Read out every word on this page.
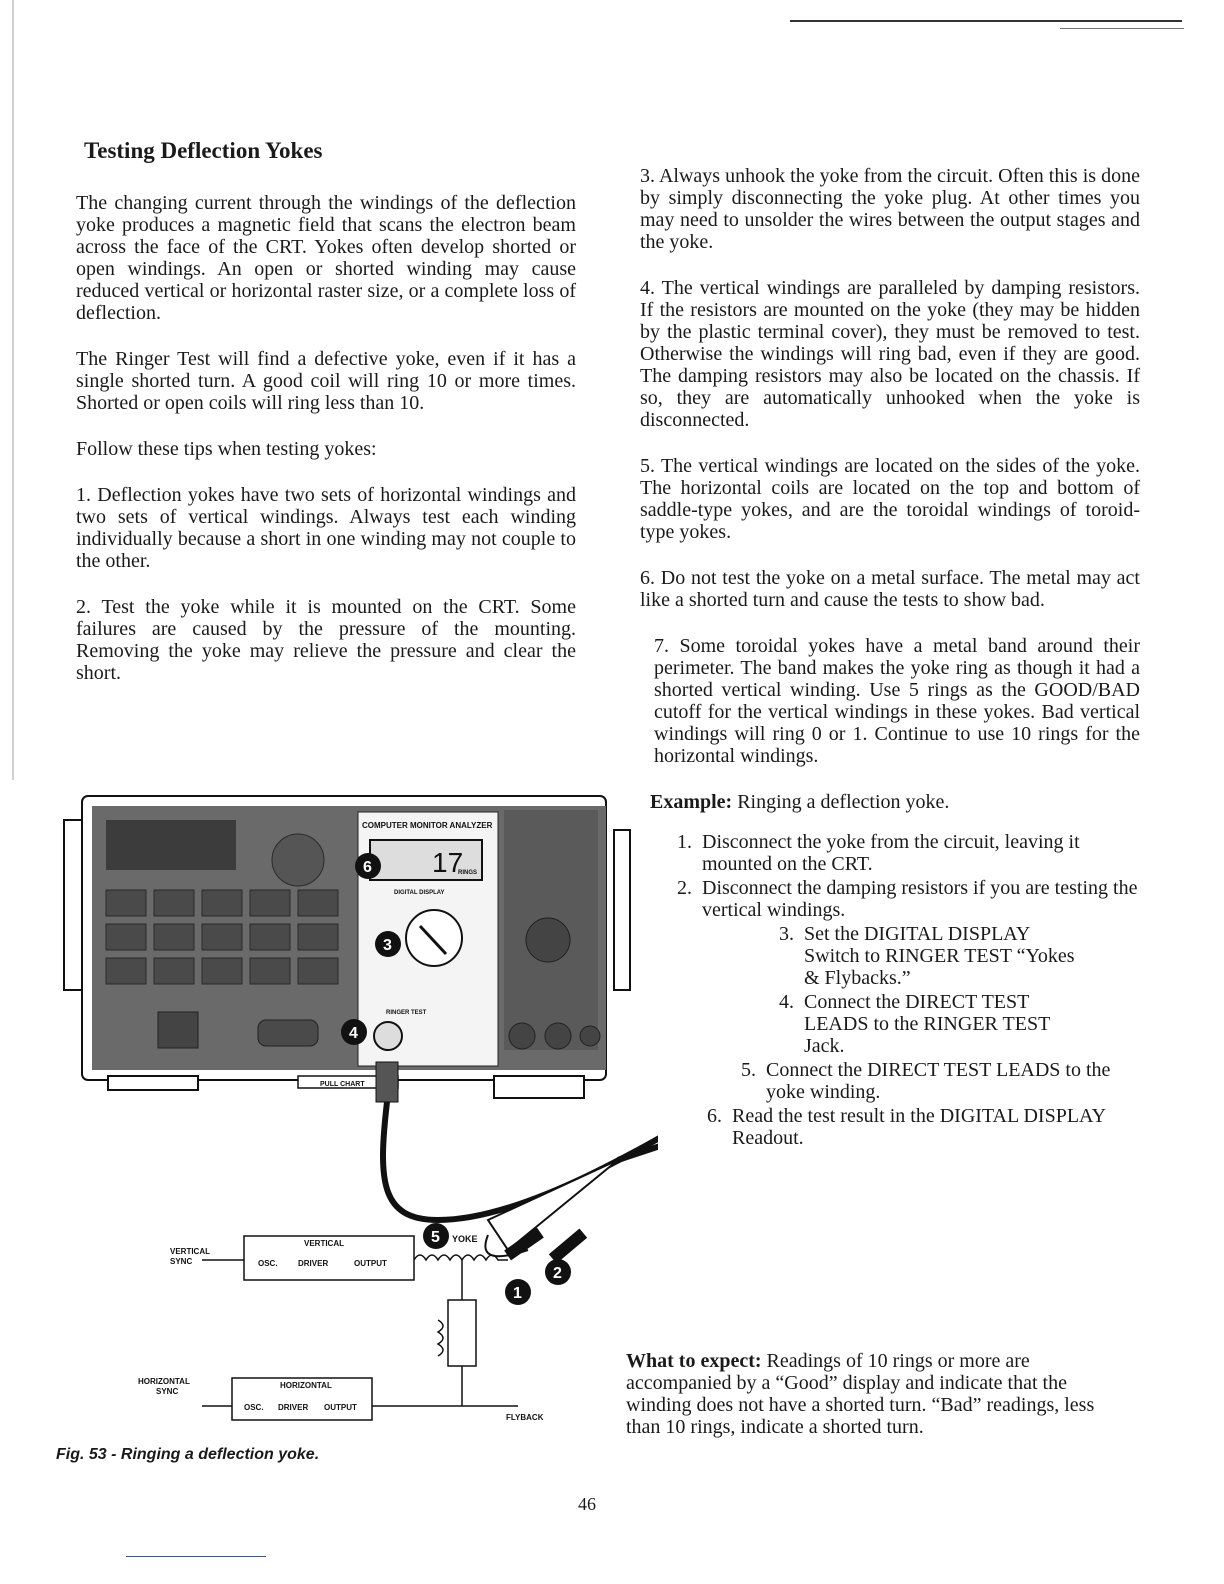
Testing Deflection Yokes

The changing current through the windings of the deflection yoke produces a magnetic field that scans the electron beam across the face of the CRT. Yokes often develop shorted or open windings. An open or shorted winding may cause reduced vertical or horizontal raster size, or a complete loss of deflection.

The Ringer Test will find a defective yoke, even if it has a single shorted turn. A good coil will ring 10 or more times. Shorted or open coils will ring less than 10.

Follow these tips when testing yokes:

1. Deflection yokes have two sets of horizontal windings and two sets of vertical windings. Always test each winding individually because a short in one winding may not couple to the other.

2. Test the yoke while it is mounted on the CRT. Some failures are caused by the pressure of the mounting. Removing the yoke may relieve the pressure and clear the short.

3. Always unhook the yoke from the circuit. Often this is done by simply disconnecting the yoke plug. At other times you may need to unsolder the wires between the output stages and the yoke.

4. The vertical windings are paralleled by damping resistors. If the resistors are mounted on the yoke (they may be hidden by the plastic terminal cover), they must be removed to test. Otherwise the windings will ring bad, even if they are good. The damping resistors may also be located on the chassis. If so, they are automatically unhooked when the yoke is disconnected.

5. The vertical windings are located on the sides of the yoke. The horizontal coils are located on the top and bottom of saddle-type yokes, and are the toroidal windings of toroid-type yokes.

6. Do not test the yoke on a metal surface. The metal may act like a shorted turn and cause the tests to show bad.

7. Some toroidal yokes have a metal band around their perimeter. The band makes the yoke ring as though it had a shorted vertical winding. Use 5 rings as the GOOD/BAD cutoff for the vertical windings in these yokes. Bad vertical windings will ring 0 or 1. Continue to use 10 rings for the horizontal windings.

Example: Ringing a deflection yoke.

1. Disconnect the yoke from the circuit, leaving it mounted on the CRT.
2. Disconnect the damping resistors if you are testing the vertical windings.
3. Set the DIGITAL DISPLAY Switch to RINGER TEST “Yokes & Flybacks.”
4. Connect the DIRECT TEST LEADS to the RINGER TEST Jack.
5. Connect the DIRECT TEST LEADS to the yoke winding.
6. Read the test result in the DIGITAL DISPLAY Readout.
What to expect: Readings of 10 rings or more are accompanied by a “Good” display and indicate that the winding does not have a shorted turn. “Bad” readings, less than 10 rings, indicate a shorted turn.
COMPUTER MONITOR ANALYZER
17
RINGS
DIGITAL DISPLAY
RINGER TEST
PULL CHART
6
3
4
5 YOKE
1
2
VERTICAL
SYNC
VERTICAL
OSC.	DRIVER	OUTPUT
HORIZONTAL
SYNC
HORIZONTAL
OSC. DRIVER OUTPUT
FLYBACK
Fig. 53 - Ringing a deflection yoke.
46
